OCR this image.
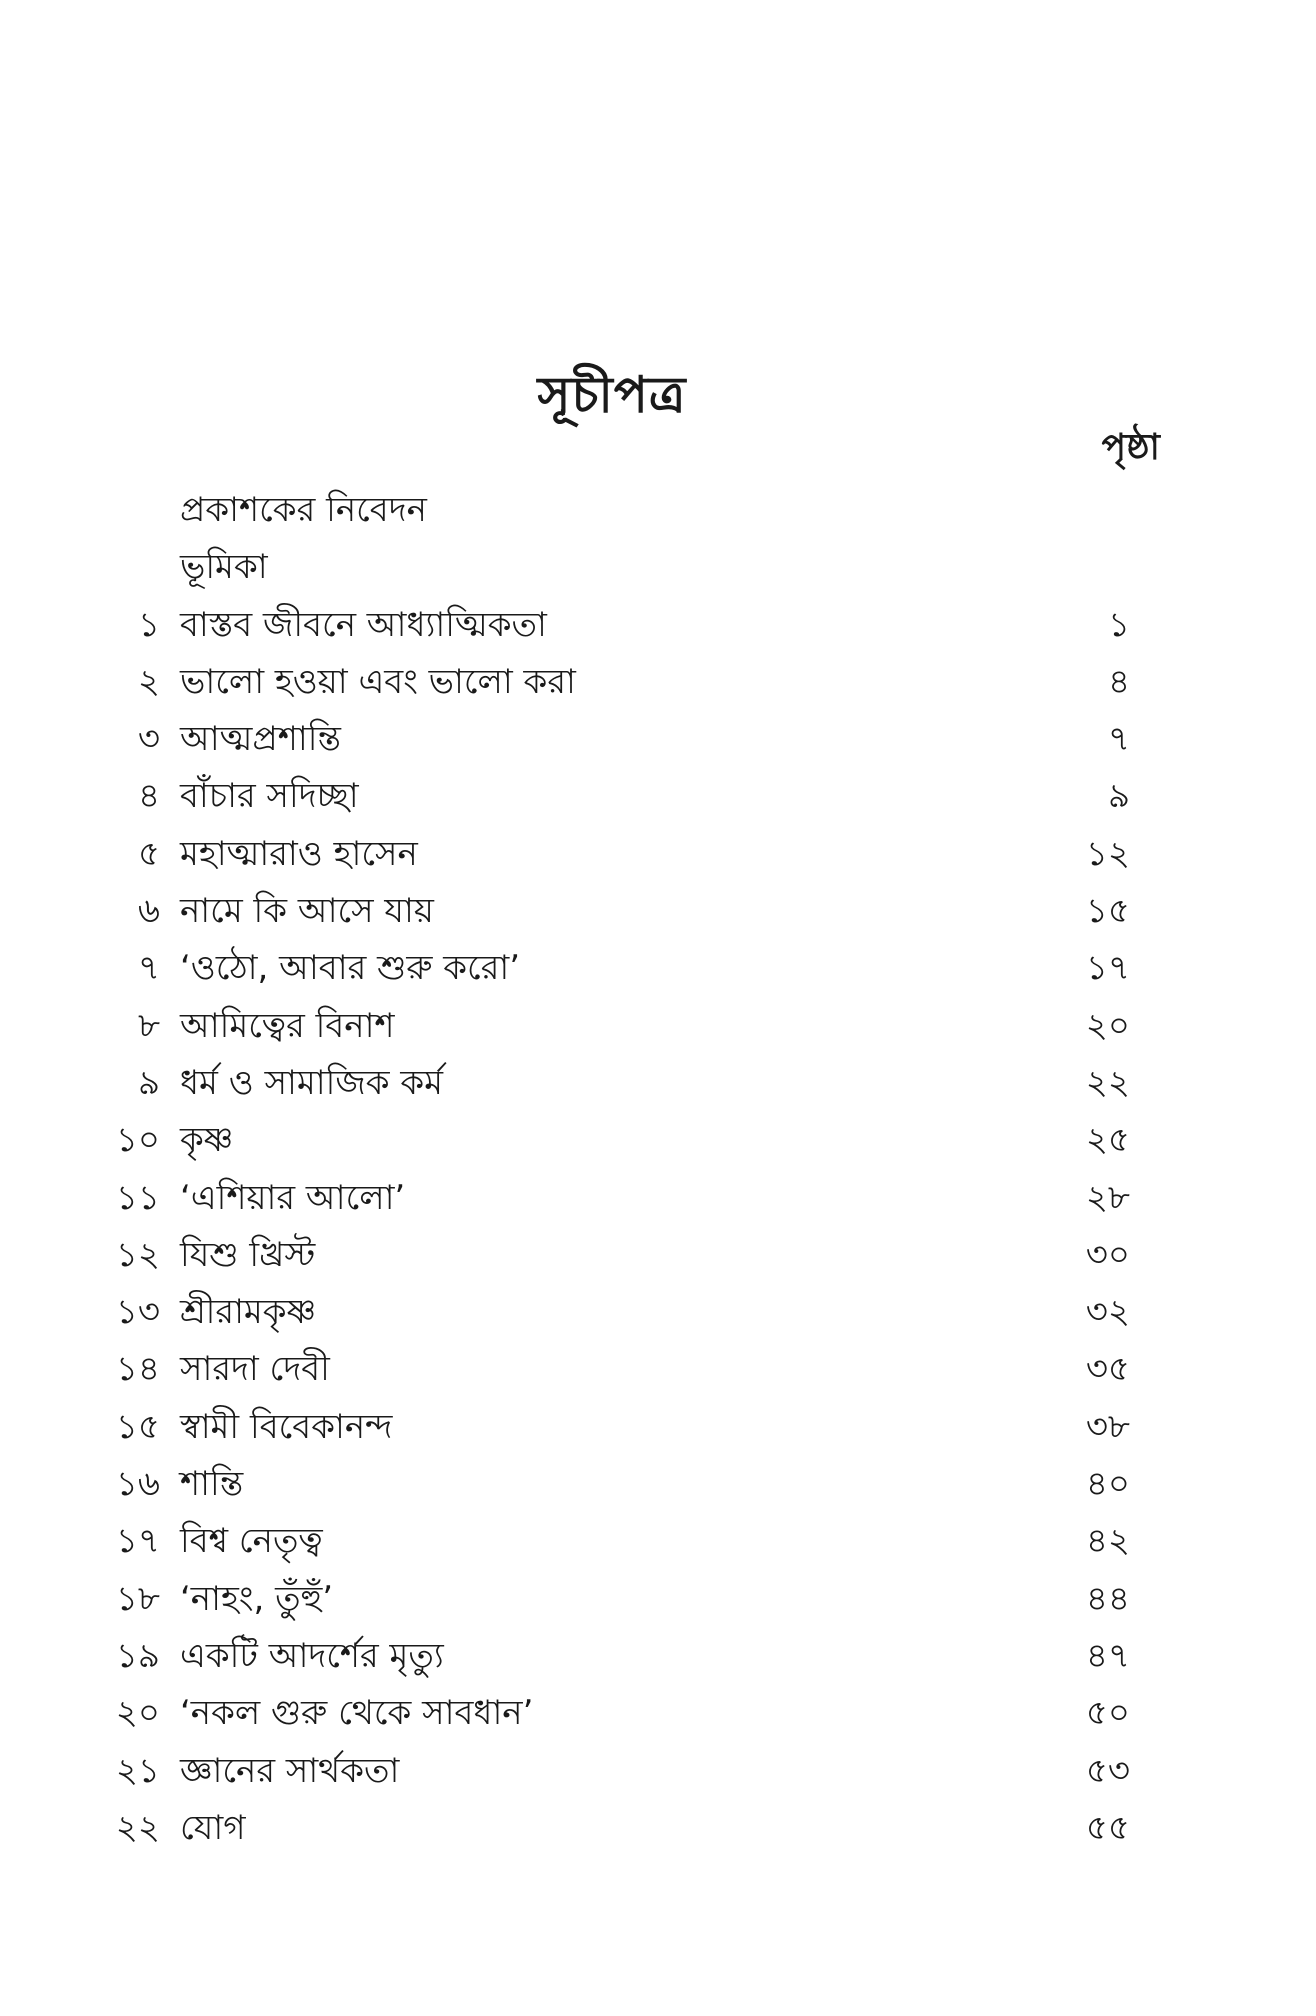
সূচীপত্র
পৃষ্ঠা
প্রকাশকের নিবেদন
ভূমিকা
১ বাস্তব জীবনে আধ্যাত্মিকতা	১
২ ভালো হওয়া এবং ভালো করা	৪
৩ আত্মপ্রশান্তি	৭
৪ বাঁচার সদিচ্ছা	৯
৫ মহাত্মারাও হাসেন	১২
৬ নামে কি আসে যায়	১৫
৭ ‘ওঠো, আবার শুরু করো’	১৭
৮ আমিত্বের বিনাশ	২০
৯ ধর্ম ও সামাজিক কর্ম	২২
১০ কৃষ্ণ	২৫
১১ ‘এশিয়ার আলো’	২৮
১২ যিশু খ্রিস্ট	৩০
১৩ শ্রীরামকৃষ্ণ	৩২
১৪ সারদা দেবী	৩৫
১৫ স্বামী বিবেকানন্দ	৩৮
১৬ শান্তি	৪০
১৭ বিশ্ব নেতৃত্ব	৪২
১৮ ‘নাহং, তুঁহুঁ’	৪৪
১৯ একটি আদর্শের মৃত্যু	৪৭
২০ ‘নকল গুরু থেকে সাবধান’	৫০
২১ জ্ঞানের সার্থকতা	৫৩
২২ যোগ	৫৫
